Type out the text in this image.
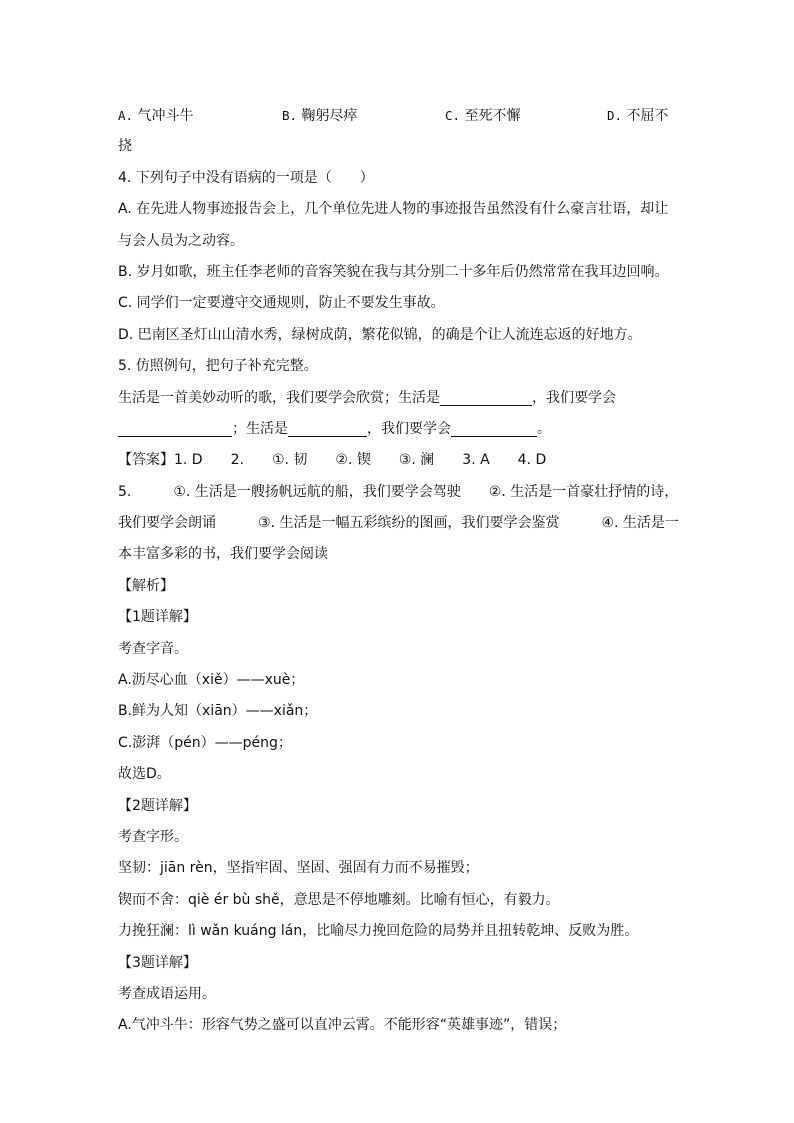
A. 气冲斗牛	B. 鞠躬尽瘁	C. 至死不懈	D. 不屈不
挠
4. 下列句子中没有语病的一项是（　　）
A. 在先进人物事迹报告会上，几个单位先进人物的事迹报告虽然没有什么豪言壮语，却让
与会人员为之动容。
B. 岁月如歌，班主任李老师的音容笑貌在我与其分别二十多年后仍然常常在我耳边回响。
C. 同学们一定要遵守交通规则，防止不要发生事故。
D. 巴南区圣灯山山清水秀，绿树成荫，繁花似锦，的确是个让人流连忘返的好地方。
5. 仿照例句，把句子补充完整。
生活是一首美妙动听的歌，我们要学会欣赏；生活是	，我们要学会
；生活是	，我们要学会	。
【答案】1. D　　2.　　①. 韧　　②. 锲　　③. 澜　　3. A　　4. D
5.　　　①. 生活是一艘扬帆远航的船，我们要学会驾驶　　②. 生活是一首豪壮抒情的诗，
我们要学会朗诵　　　③. 生活是一幅五彩缤纷的图画，我们要学会鉴赏　　　④. 生活是一
本丰富多彩的书，我们要学会阅读
【解析】
【1题详解】
考查字音。
A.沥尽心血（xiě）——xuè；
B.鲜为人知（xiān）——xiǎn；
C.澎湃（pén）——péng；
故选D。
【2题详解】
考查字形。
坚韧：jiān rèn，坚指牢固、坚固、强固有力而不易摧毁；
锲而不舍：qiè ér bù shě，意思是不停地雕刻。比喻有恒心，有毅力。
力挽狂澜：lì wǎn kuáng lán，比喻尽力挽回危险的局势并且扭转乾坤、反败为胜。
【3题详解】
考查成语运用。
A.气冲斗牛：形容气势之盛可以直冲云霄。不能形容“英雄事迹”，错误；
